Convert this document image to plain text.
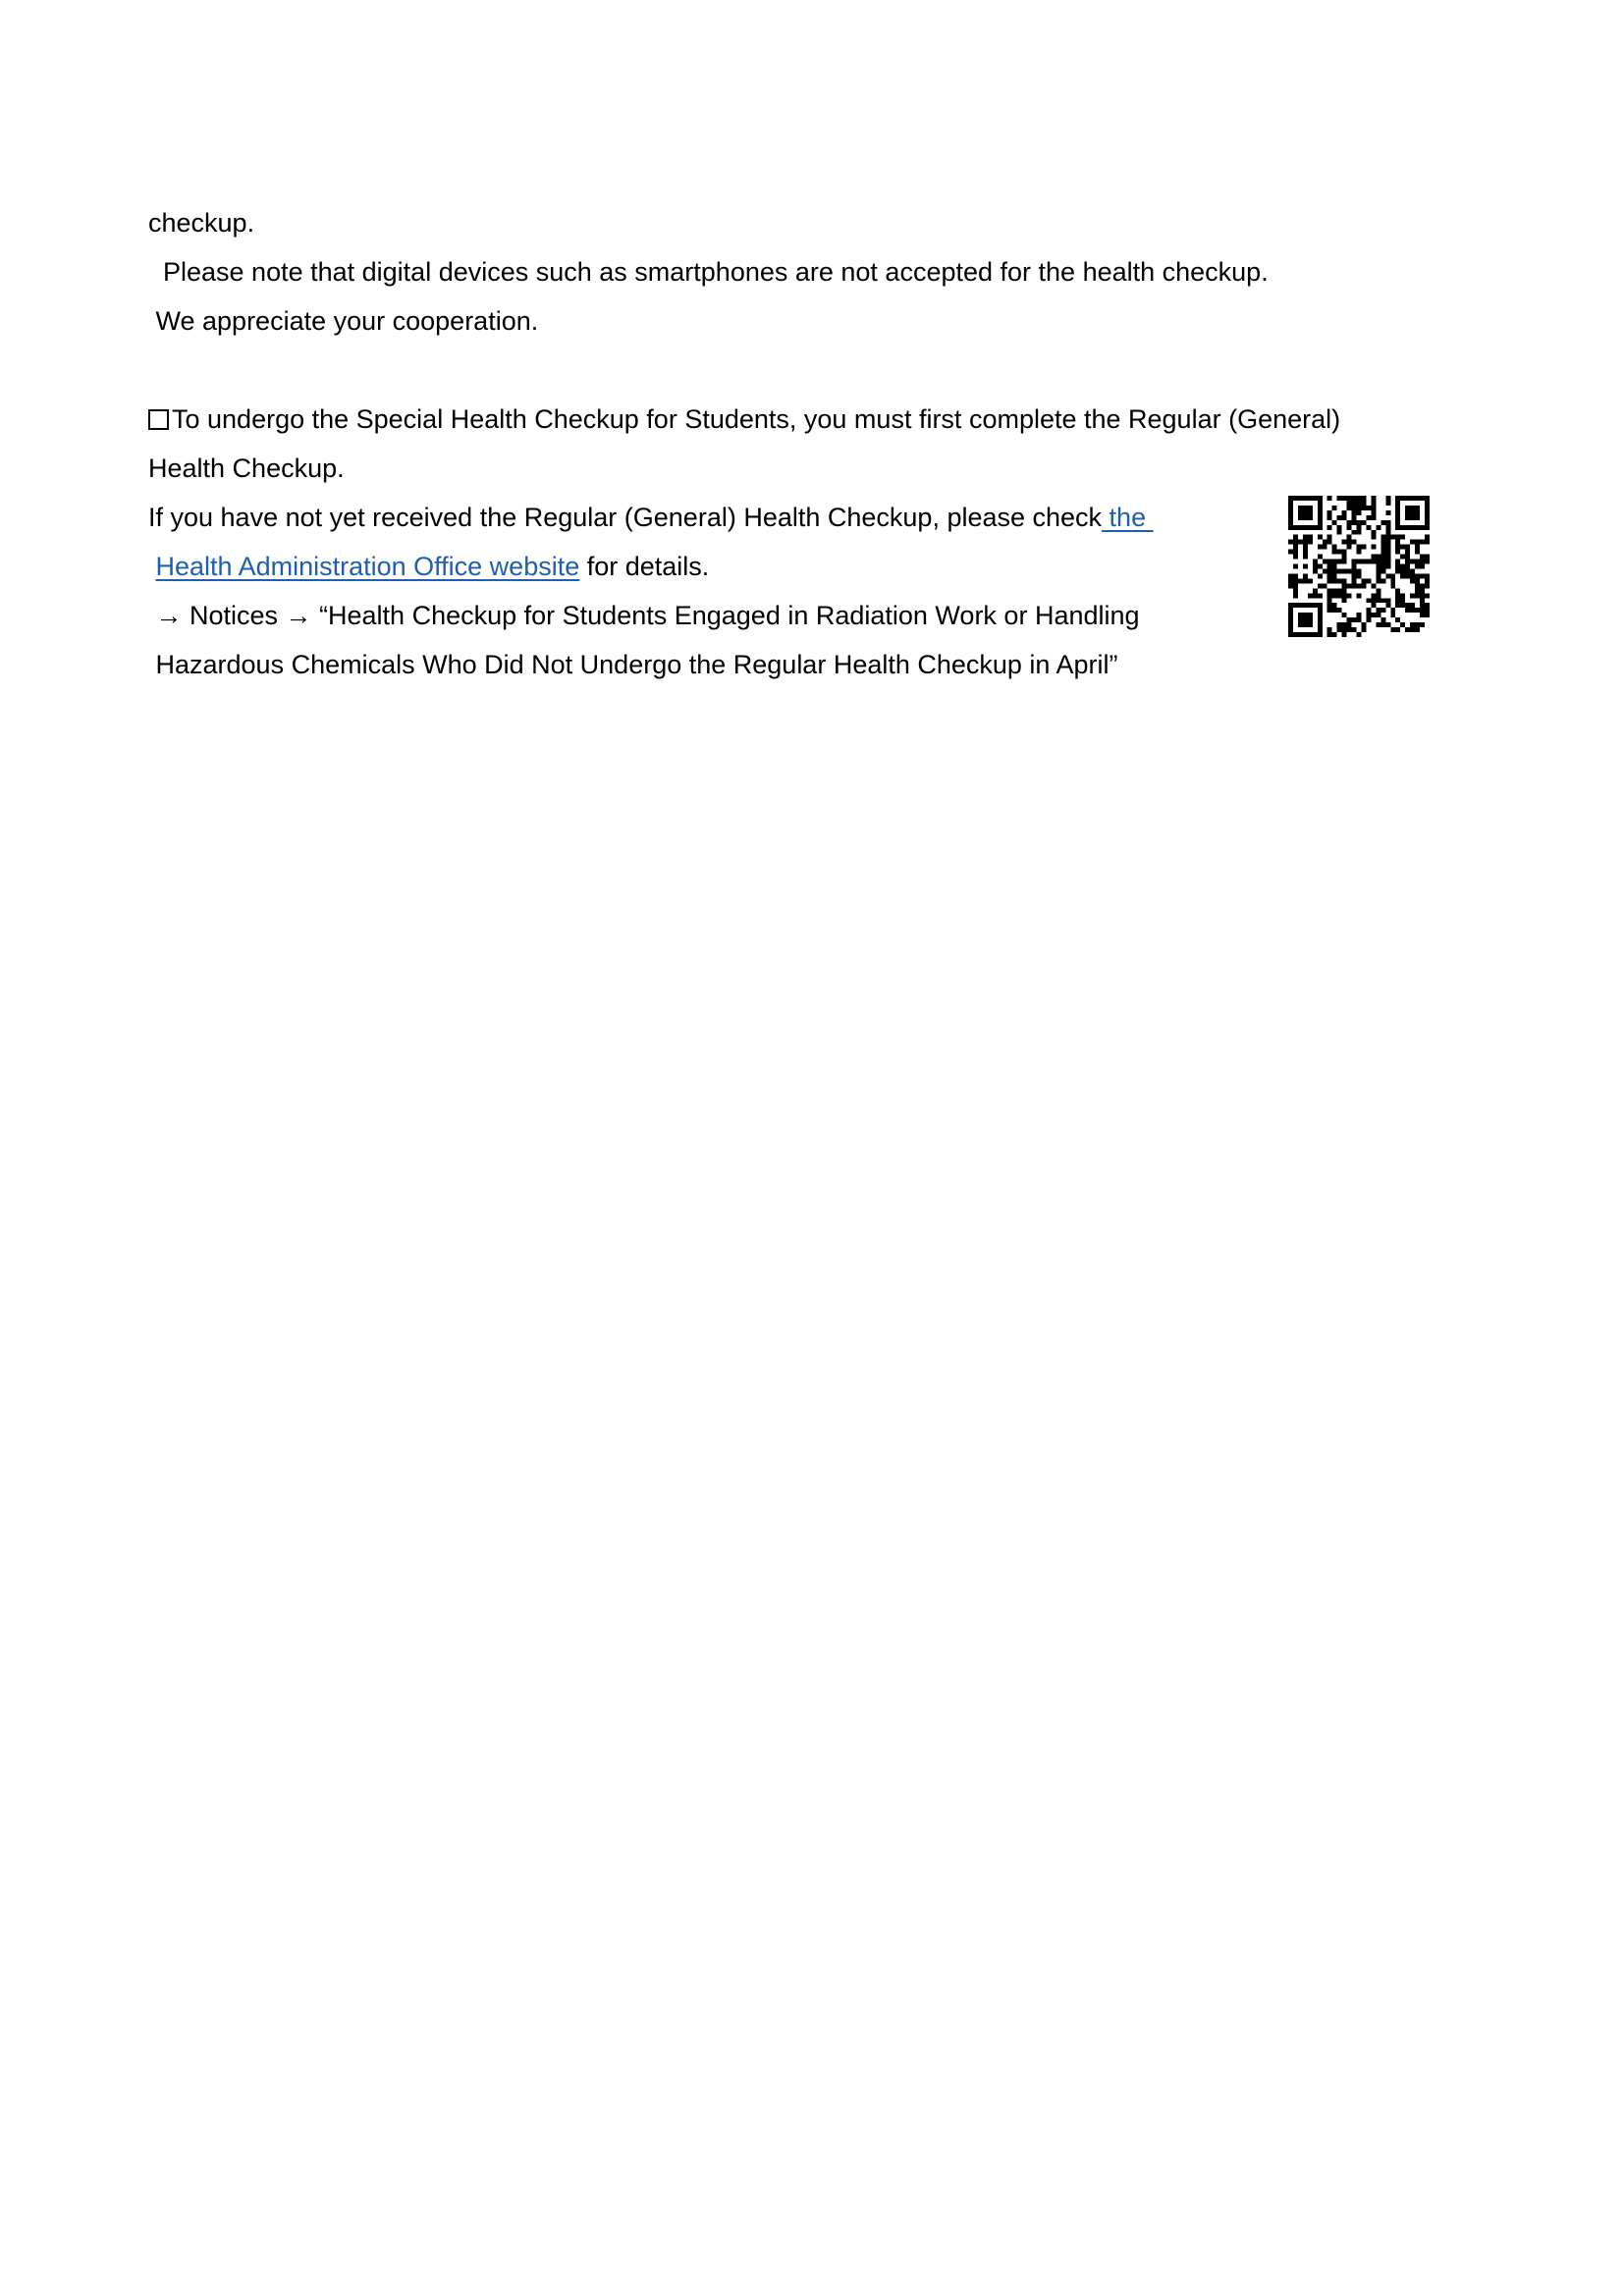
checkup.

Please note that digital devices such as smartphones are not accepted for the health checkup.

We appreciate your cooperation.

To undergo the Special Health Checkup for Students, you must first complete the Regular (General)

Health Checkup.

If you have not yet received the Regular (General) Health Checkup, please check the

Health Administration Office website for details.

→ Notices → “Health Checkup for Students Engaged in Radiation Work or Handling

Hazardous Chemicals Who Did Not Undergo the Regular Health Checkup in April”
